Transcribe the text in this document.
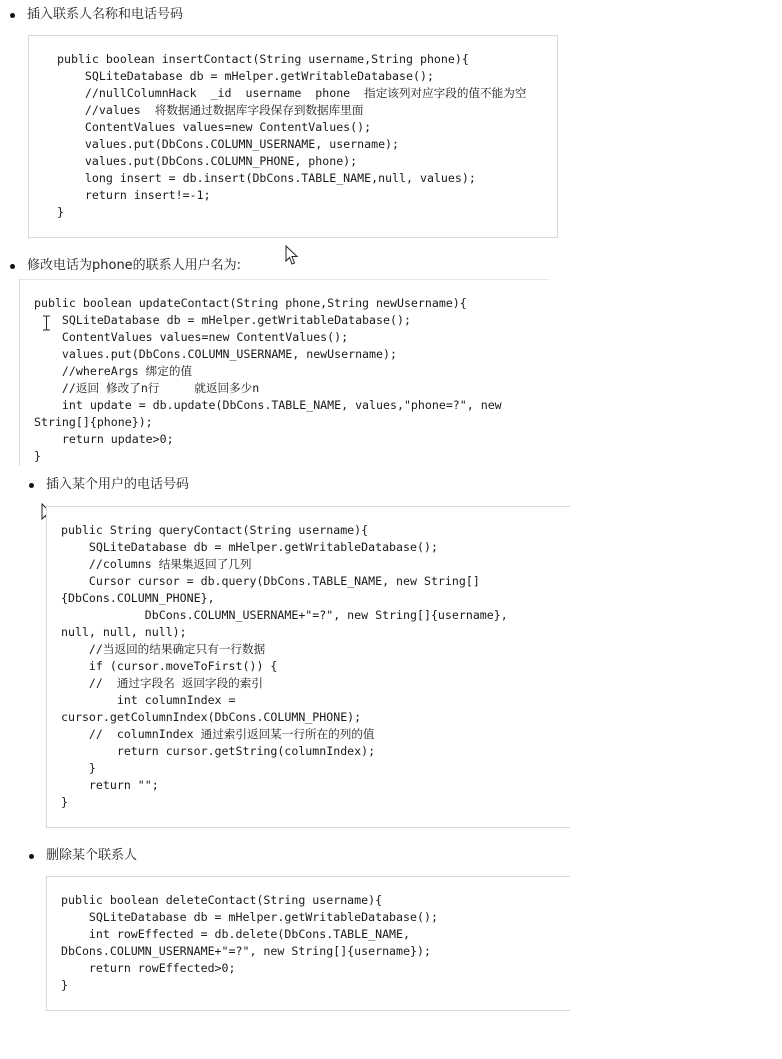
插入联系人名称和电话号码
public boolean insertContact(String username,String phone){
SQLiteDatabase db = mHelper.getWritableDatabase();
//nullColumnHack  _id  username  phone  指定该列对应字段的值不能为空
//values  将数据通过数据库字段保存到数据库里面
ContentValues values=new ContentValues();
values.put(DbCons.COLUMN_USERNAME, username);
values.put(DbCons.COLUMN_PHONE, phone);
long insert = db.insert(DbCons.TABLE_NAME,null, values);
return insert!=-1;
}
修改电话为phone的联系人用户名为:
public boolean updateContact(String phone,String newUsername){
SQLiteDatabase db = mHelper.getWritableDatabase();
ContentValues values=new ContentValues();
values.put(DbCons.COLUMN_USERNAME, newUsername);
//whereArgs 绑定的值
//返回 修改了n行     就返回多少n
int update = db.update(DbCons.TABLE_NAME, values,"phone=?", new
String[]{phone});
return update>0;
}
插入某个用户的电话号码
public String queryContact(String username){
SQLiteDatabase db = mHelper.getWritableDatabase();
//columns 结果集返回了几列
Cursor cursor = db.query(DbCons.TABLE_NAME, new String[]
{DbCons.COLUMN_PHONE},
DbCons.COLUMN_USERNAME+"=?", new String[]{username},
null, null, null);
//当返回的结果确定只有一行数据
if (cursor.moveToFirst()) {
//  通过字段名 返回字段的索引
int columnIndex =
cursor.getColumnIndex(DbCons.COLUMN_PHONE);
//  columnIndex 通过索引返回某一行所在的列的值
return cursor.getString(columnIndex);
}
return "";
}
删除某个联系人
public boolean deleteContact(String username){
SQLiteDatabase db = mHelper.getWritableDatabase();
int rowEffected = db.delete(DbCons.TABLE_NAME,
DbCons.COLUMN_USERNAME+"=?", new String[]{username});
return rowEffected>0;
}
